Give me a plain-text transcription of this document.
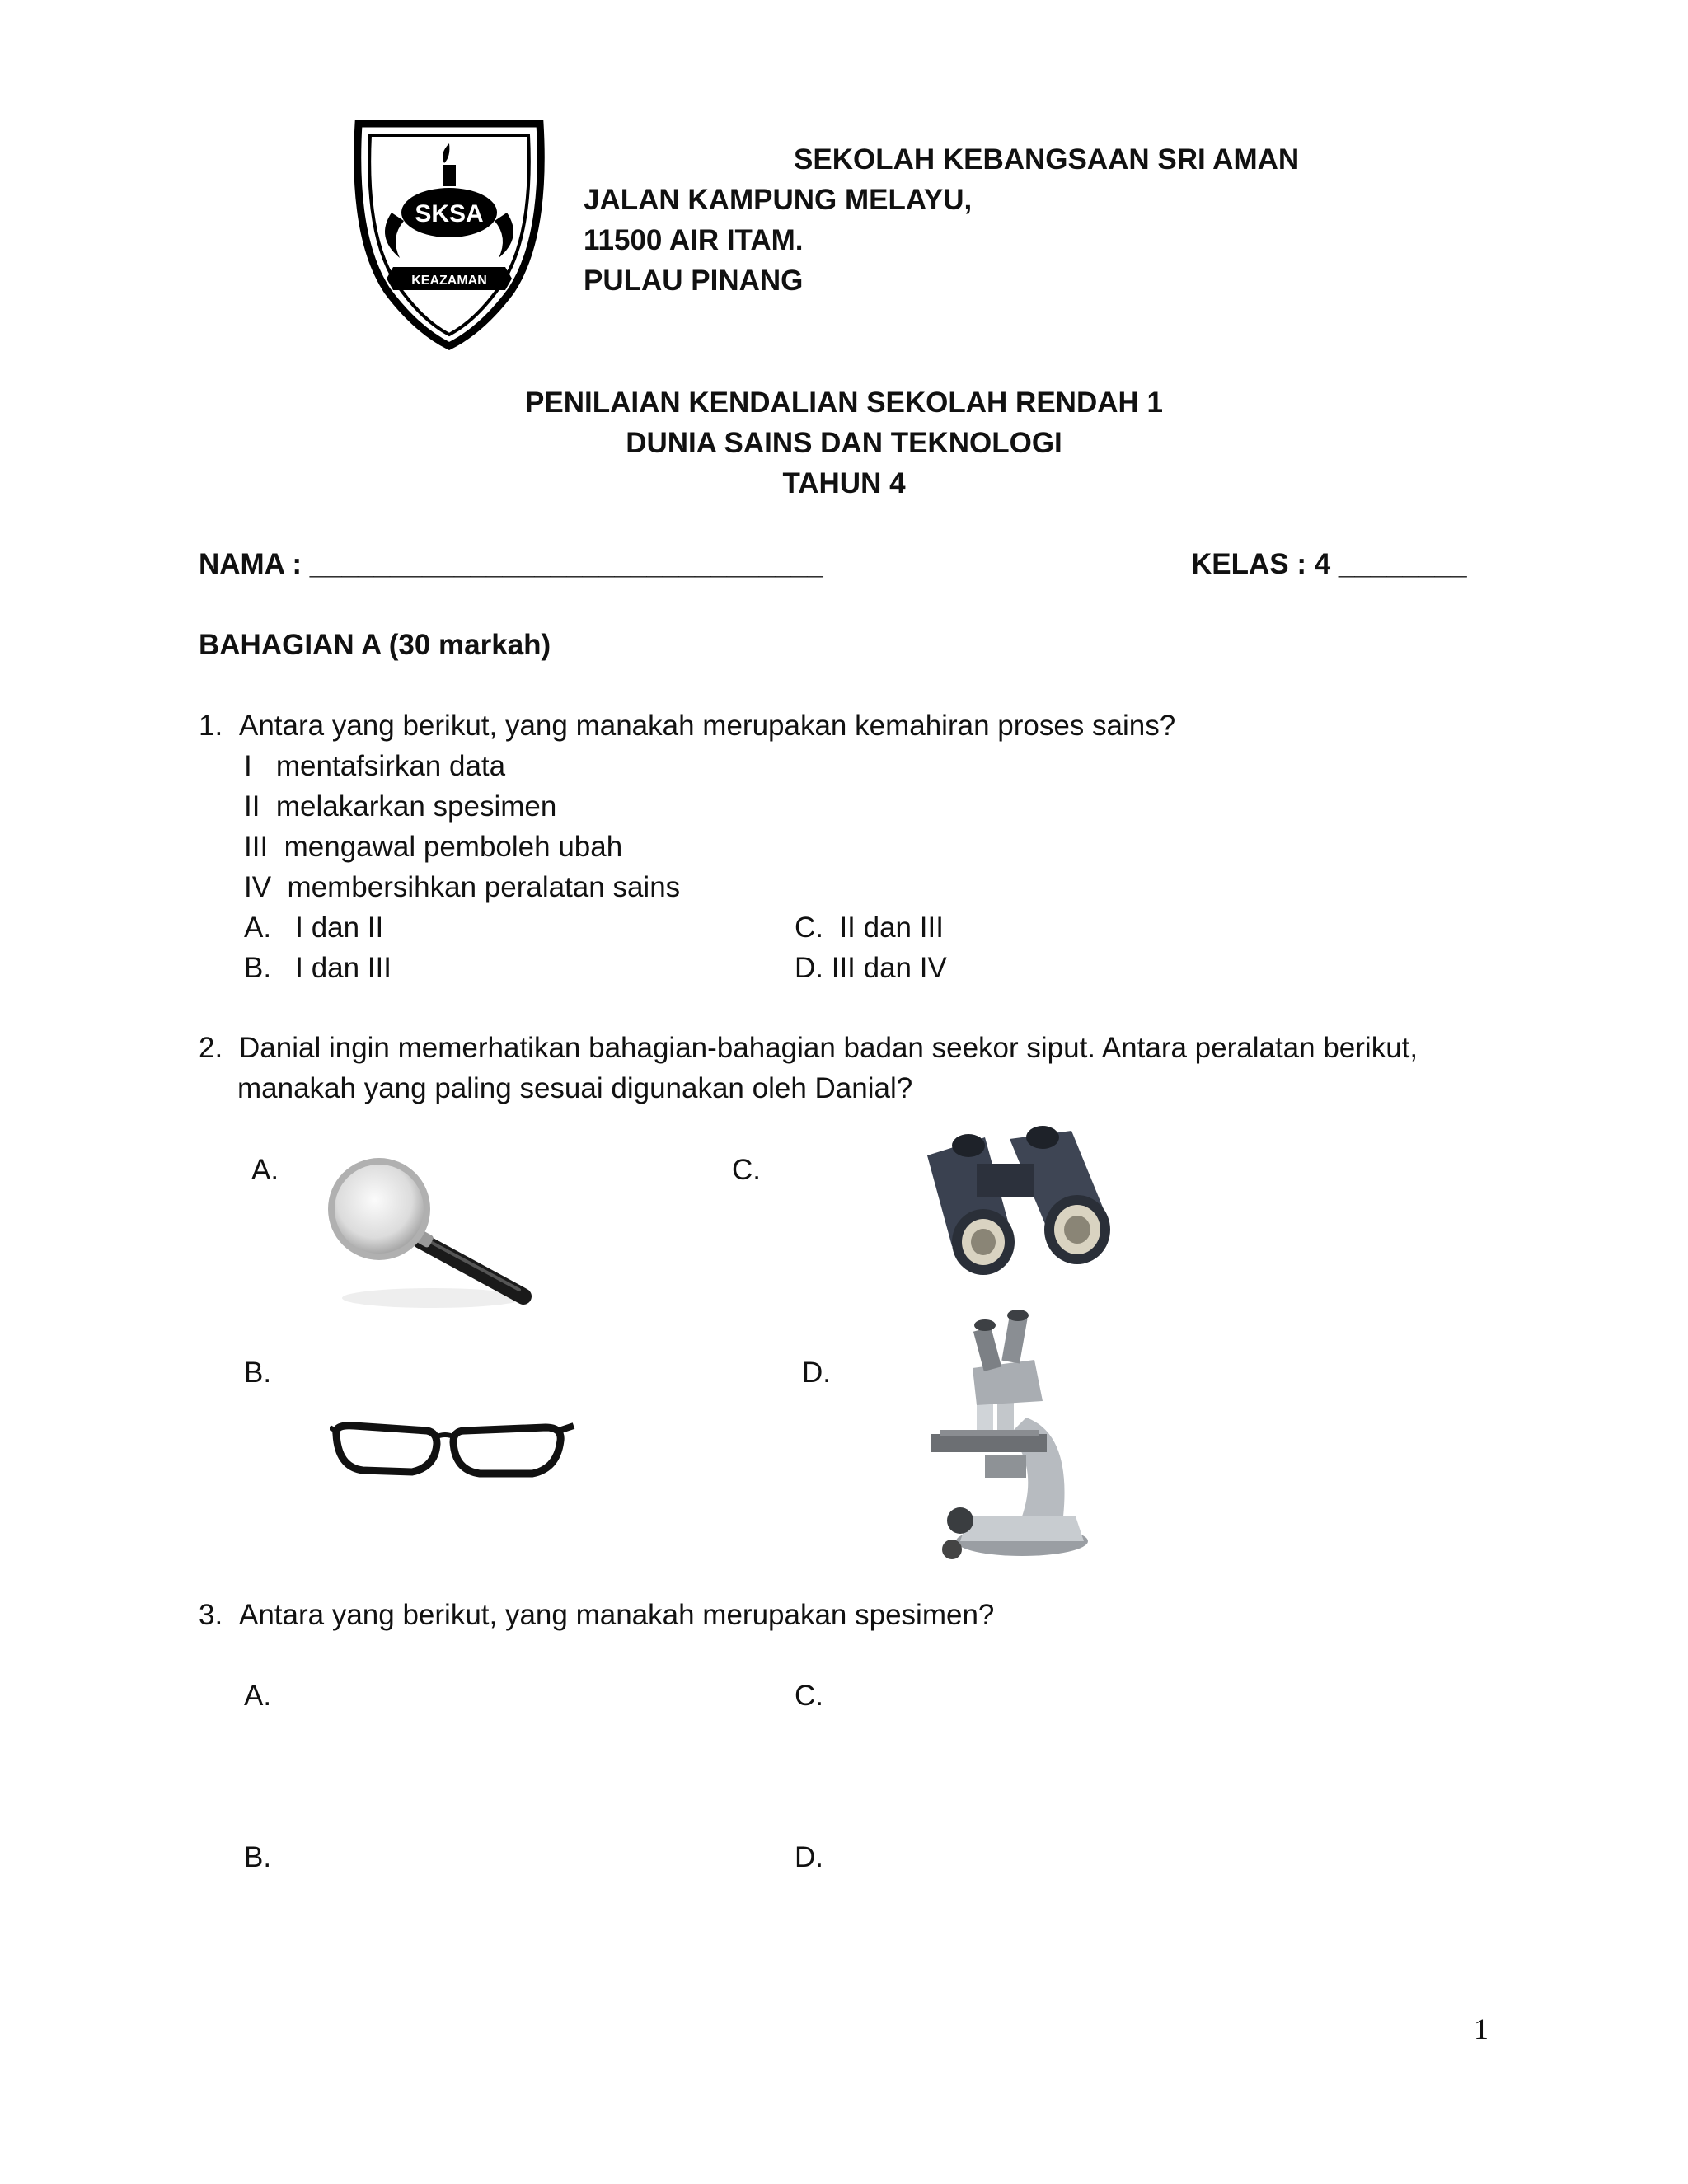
SKSA
KEAZAMAN
SEKOLAH KEBANGSAAN SRI AMAN
JALAN KAMPUNG MELAYU,
11500 AIR ITAM.
PULAU PINANG
PENILAIAN KENDALIAN SEKOLAH RENDAH 1
DUNIA SAINS DAN TEKNOLOGI
TAHUN 4
NAMA : ________________________________	KELAS : 4 ________
BAHAGIAN A (30 markah)
1. Antara yang berikut, yang manakah merupakan kemahiran proses sains?
I   mentafsirkan data
II  melakarkan spesimen
III  mengawal pemboleh ubah
IV  membersihkan peralatan sains
A.   I dan II
B.   I dan III
C.  II dan III
D. III dan IV
2. Danial ingin memerhatikan bahagian-bahagian badan seekor siput. Antara peralatan berikut,
manakah yang paling sesuai digunakan oleh Danial?
A.	C.
B.	D.
3. Antara yang berikut, yang manakah merupakan spesimen?
A.	C.
B.	D.
1
